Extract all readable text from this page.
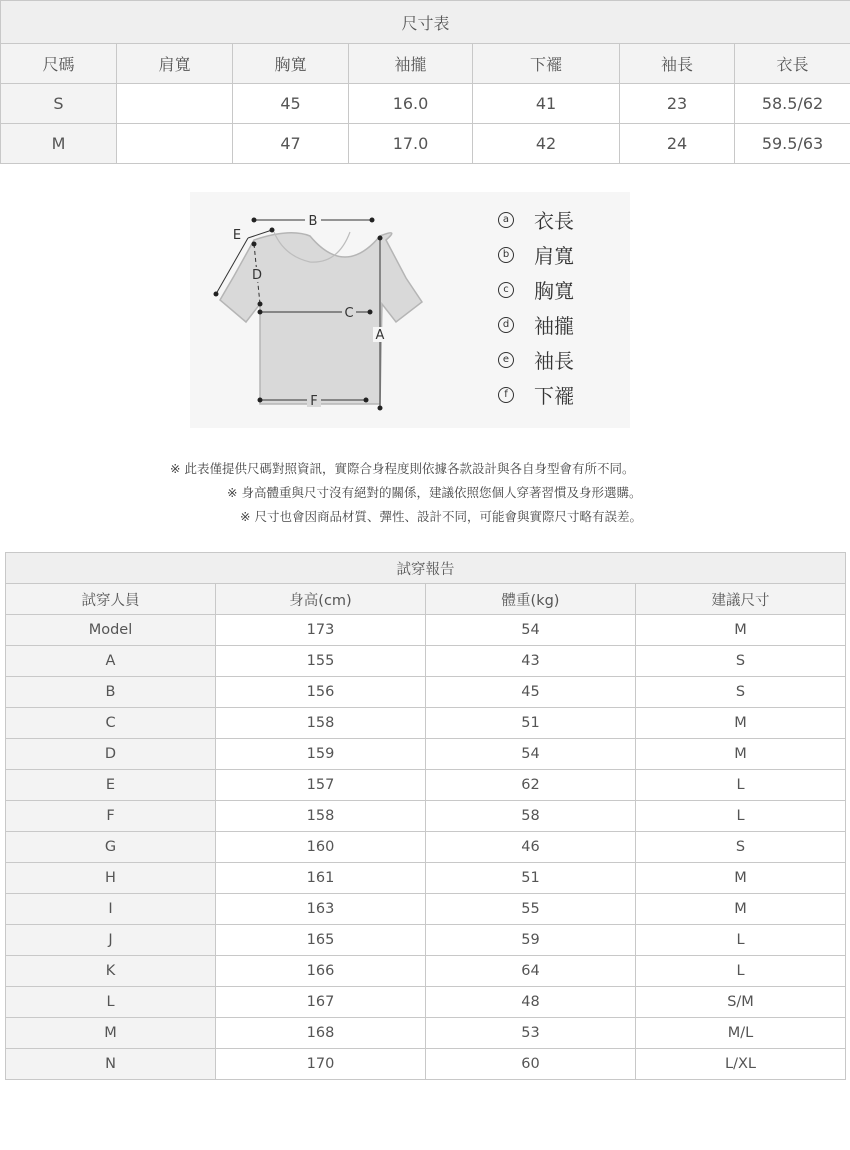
尺寸表						
尺碼	肩寬	胸寬	袖攏	下襬	袖長	衣長
S		45	16.0	41	23	58.5/62
M		47	17.0	42	24	59.5/63
B
E
D
C
A
F
a 衣長
b 肩寬
c 胸寬
d 袖攏
e 袖長
f	下襬
※ 此表僅提供尺碼對照資訊，實際合身程度則依據各款設計與各自身型會有所不同。
※ 身高體重與尺寸沒有絕對的關係，建議依照您個人穿著習慣及身形選購。
※ 尺寸也會因商品材質、彈性、設計不同，可能會與實際尺寸略有誤差。
試穿報告			
試穿人員	身高(cm)	體重(kg)	建議尺寸
Model	173	54	M
A	155	43	S
B	156	45	S
C	158	51	M
D	159	54	M
E	157	62	L
F	158	58	L
G	160	46	S
H	161	51	M
I	163	55	M
J	165	59	L
K	166	64	L
L	167	48	S/M
M	168	53	M/L
N	170	60	L/XL
